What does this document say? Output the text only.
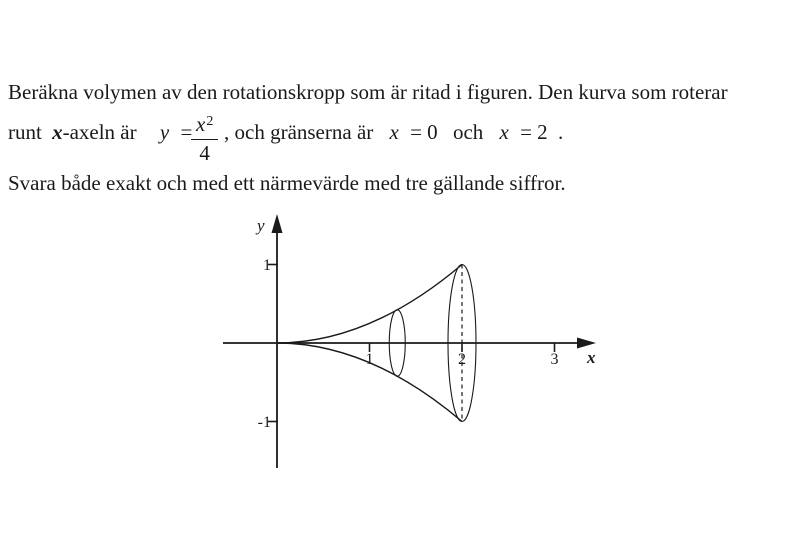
Beräkna volymen av den rotationskropp som är ritad i figuren. Den kurva som roterar
runt x-axeln är y =
$\frac{x^2}{4}$ , och gränserna är x = 0 och x = 2 .
Svara både exakt och med ett närmevärde med tre gällande siffror.
1	2	3
1
-1
x
y
